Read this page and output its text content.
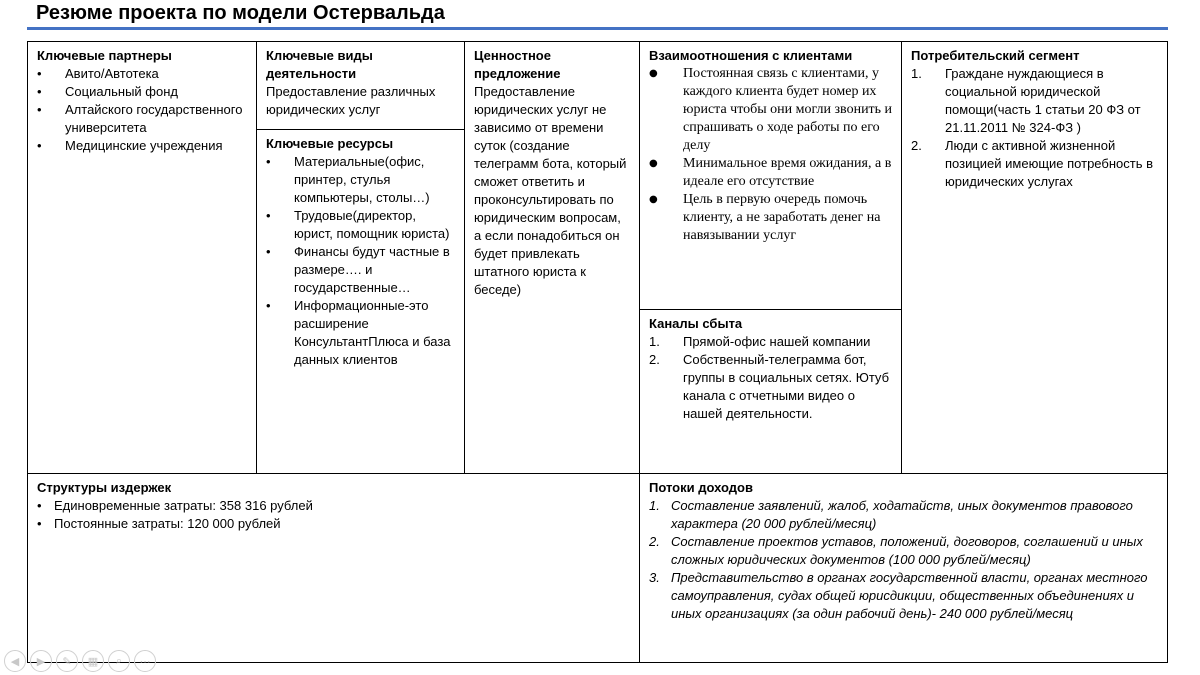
Резюме проекта по модели Остервальда
Ключевые партнеры
• Авито/Автотека
• Социальный фонд
• Алтайского государственного университета
• Медицинские учреждения
Ключевые виды деятельности
Предоставление различных юридических услуг
Ключевые ресурсы
• Материальные(офис, принтер, стулья компьютеры, столы…)
• Трудовые(директор, юрист, помощник юриста)
• Финансы будут частные в размере…. и государственные…
• Информационные-это расширение КонсультантПлюса и база данных клиентов
Ценностное предложение
Предоставление юридических услуг не зависимо от времени суток (создание телеграмм бота, который сможет ответить и проконсультировать по юридическим вопросам, а если понадобиться он будет привлекать штатного юриста к беседе)
Взаимоотношения с клиентами
● Постоянная связь с клиентами, у каждого клиента будет номер их юриста чтобы они могли звонить и спрашивать о ходе работы по его делу
● Минимальное время ожидания, а в идеале его отсутствие
● Цель в первую очередь помочь клиенту, а не заработать денег на навязывании услуг
Каналы сбыта
1. Прямой-офис нашей компании
2. Собственный-телеграмма бот, группы в социальных сетях. Ютуб канала с отчетными видео о нашей деятельности.
Потребительский сегмент
1. Граждане нуждающиеся в социальной юридической помощи(часть 1 статьи 20 ФЗ от 21.11.2011 № 324-ФЗ )
2. Люди с активной жизненной позицией имеющие потребность в юридических услугах
Структуры издержек
• Единовременные затраты: 358 316 рублей
• Постоянные затраты: 120 000 рублей
Потоки доходов
1. Составление заявлений, жалоб, ходатайств, иных документов правового характера (20 000 рублей/месяц)
2. Составление проектов уставов, положений, договоров, соглашений и иных сложных юридических документов (100 000 рублей/месяц)
3. Представительство в органах государственной власти, органах местного самоуправления, судах общей юрисдикции, общественных объединениях и иных организациях (за один рабочий день)- 240 000 рублей/месяц
◀ ▶ ✎ ▦ ⌕ ⋯
